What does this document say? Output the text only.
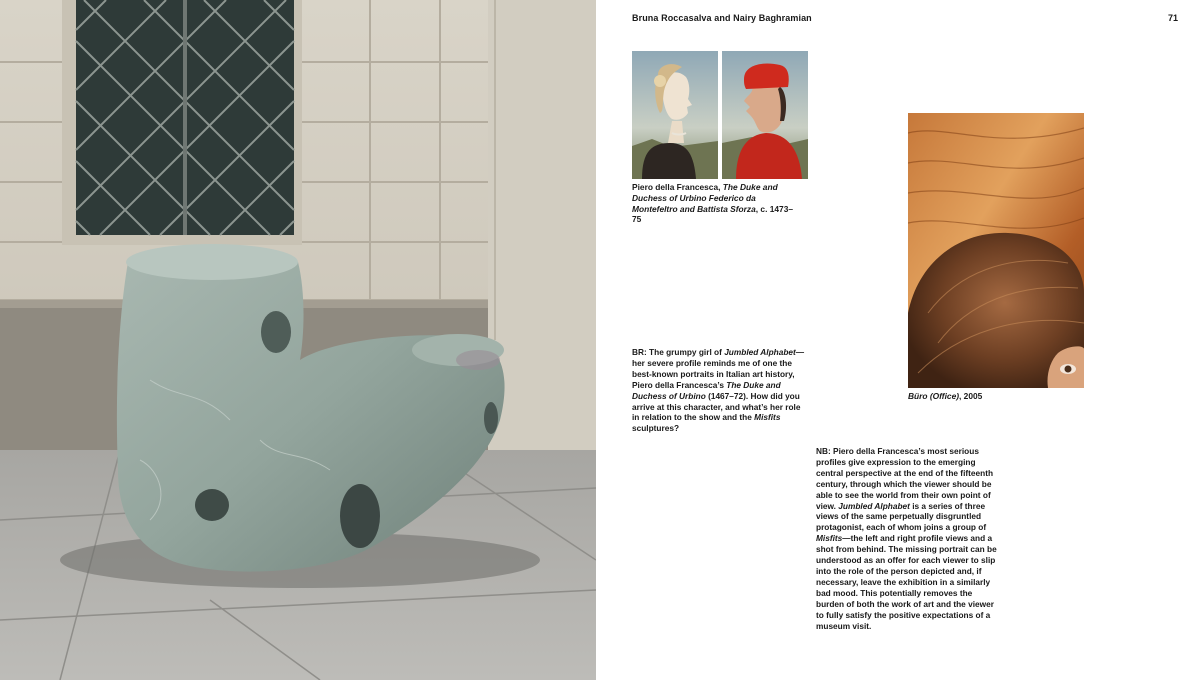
Bruna Roccasalva and Nairy Baghramian	71
Piero della Francesca, The Duke and Duchess of Urbino Federico da Montefeltro and Battista Sforza, c. 1473–75
Büro (Office), 2005
BR: The grumpy girl of Jumbled Alphabet—her severe profile reminds me of one the best-known portraits in Italian art history, Piero della Francesca’s The Duke and Duchess of Urbino (1467–72). How did you arrive at this character, and what’s her role in relation to the show and the Misfits sculptures?
NB: Piero della Francesca’s most serious profiles give expression to the emerging central perspective at the end of the fifteenth century, through which the viewer should be able to see the world from their own point of view. Jumbled Alphabet is a series of three views of the same perpetually disgruntled protagonist, each of whom joins a group of Misfits—the left and right profile views and a shot from behind. The missing portrait can be understood as an offer for each viewer to slip into the role of the person depicted and, if necessary, leave the exhibition in a similarly bad mood. This potentially removes the burden of both the work of art and the viewer to fully satisfy the positive expectations of a museum visit.
